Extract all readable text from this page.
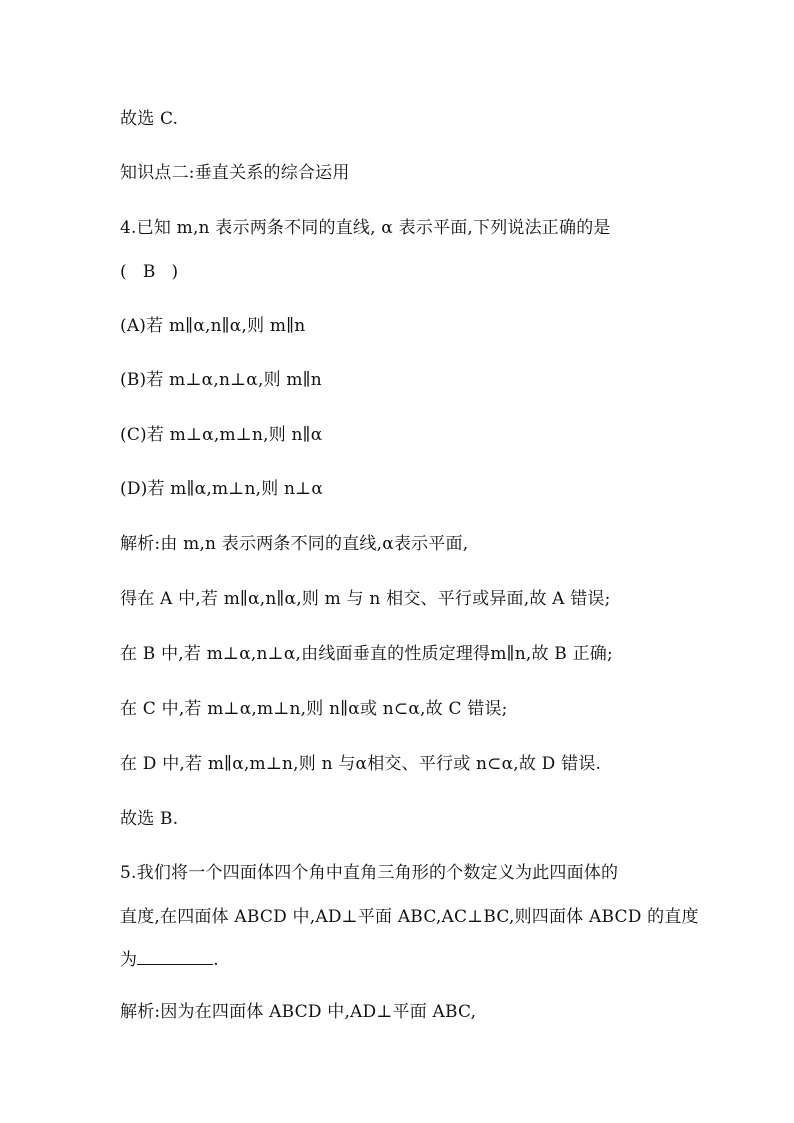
故选 C.
知识点二:垂直关系的综合运用
4.已知 m,n 表示两条不同的直线, α 表示平面,下列说法正确的是
(   B   )
(A)若 m∥α,n∥α,则 m∥n
(B)若 m⊥α,n⊥α,则 m∥n
(C)若 m⊥α,m⊥n,则 n∥α
(D)若 m∥α,m⊥n,则 n⊥α
解析:由 m,n 表示两条不同的直线,α表示平面,
得在 A 中,若 m∥α,n∥α,则 m 与 n 相交、平行或异面,故 A 错误;
在 B 中,若 m⊥α,n⊥α,由线面垂直的性质定理得m∥n,故 B 正确;
在 C 中,若 m⊥α,m⊥n,则 n∥α或 n⊂α,故 C 错误;
在 D 中,若 m∥α,m⊥n,则 n 与α相交、平行或 n⊂α,故 D 错误.
故选 B.
5.我们将一个四面体四个角中直角三角形的个数定义为此四面体的
直度,在四面体 ABCD 中,AD⊥平面 ABC,AC⊥BC,则四面体 ABCD 的直度
为	.
解析:因为在四面体 ABCD 中,AD⊥平面 ABC,
